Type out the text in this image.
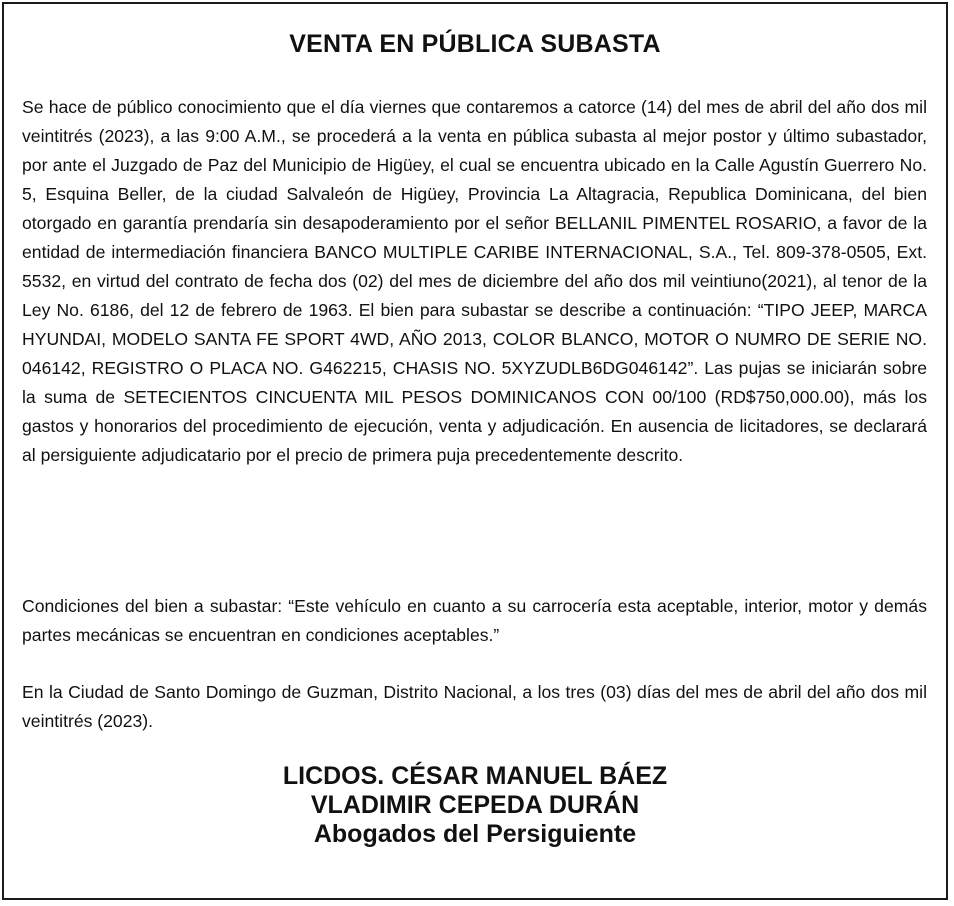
VENTA EN PÚBLICA SUBASTA

Se hace de público conocimiento que el día viernes que contaremos a catorce (14) del mes de abril del año dos mil veintitrés (2023), a las 9:00 A.M., se procederá a la venta en pública subasta al mejor postor y último subastador, por ante el Juzgado de Paz del Municipio de Higüey, el cual se encuentra ubicado en la Calle Agustín Guerrero No. 5, Esquina Beller, de la ciudad Salvaleón de Higüey, Provincia La Altagracia, Republica Dominicana, del bien otorgado en garantía prendaría sin desapoderamiento por el señor BELLANIL PIMENTEL ROSARIO, a favor de la entidad de intermediación financiera BANCO MULTIPLE CARIBE INTERNACIONAL, S.A., Tel. 809-378-0505, Ext. 5532, en virtud del contrato de fecha dos (02) del mes de diciembre del año dos mil veintiuno(2021), al tenor de la Ley No. 6186, del 12 de febrero de 1963. El bien para subastar se describe a continuación: “TIPO JEEP, MARCA HYUNDAI, MODELO SANTA FE SPORT 4WD, AÑO 2013, COLOR BLANCO, MOTOR O NUMRO DE SERIE NO. 046142, REGISTRO O PLACA NO. G462215, CHASIS NO. 5XYZUDLB6DG046142”. Las pujas se iniciarán sobre la suma de SETECIENTOS CINCUENTA MIL PESOS DOMINICANOS CON 00/100 (RD$750,000.00), más los gastos y honorarios del procedimiento de ejecución, venta y adjudicación. En ausencia de licitadores, se declarará al persiguiente adjudicatario por el precio de primera puja precedentemente descrito.

Condiciones del bien a subastar: “Este vehículo en cuanto a su carrocería esta aceptable, interior, motor y demás partes mecánicas se encuentran en condiciones aceptables.”

En la Ciudad de Santo Domingo de Guzman, Distrito Nacional, a los tres (03) días del mes de abril del año dos mil veintitrés (2023).

LICDOS. CÉSAR MANUEL BÁEZ
VLADIMIR CEPEDA DURÁN
Abogados del Persiguiente
